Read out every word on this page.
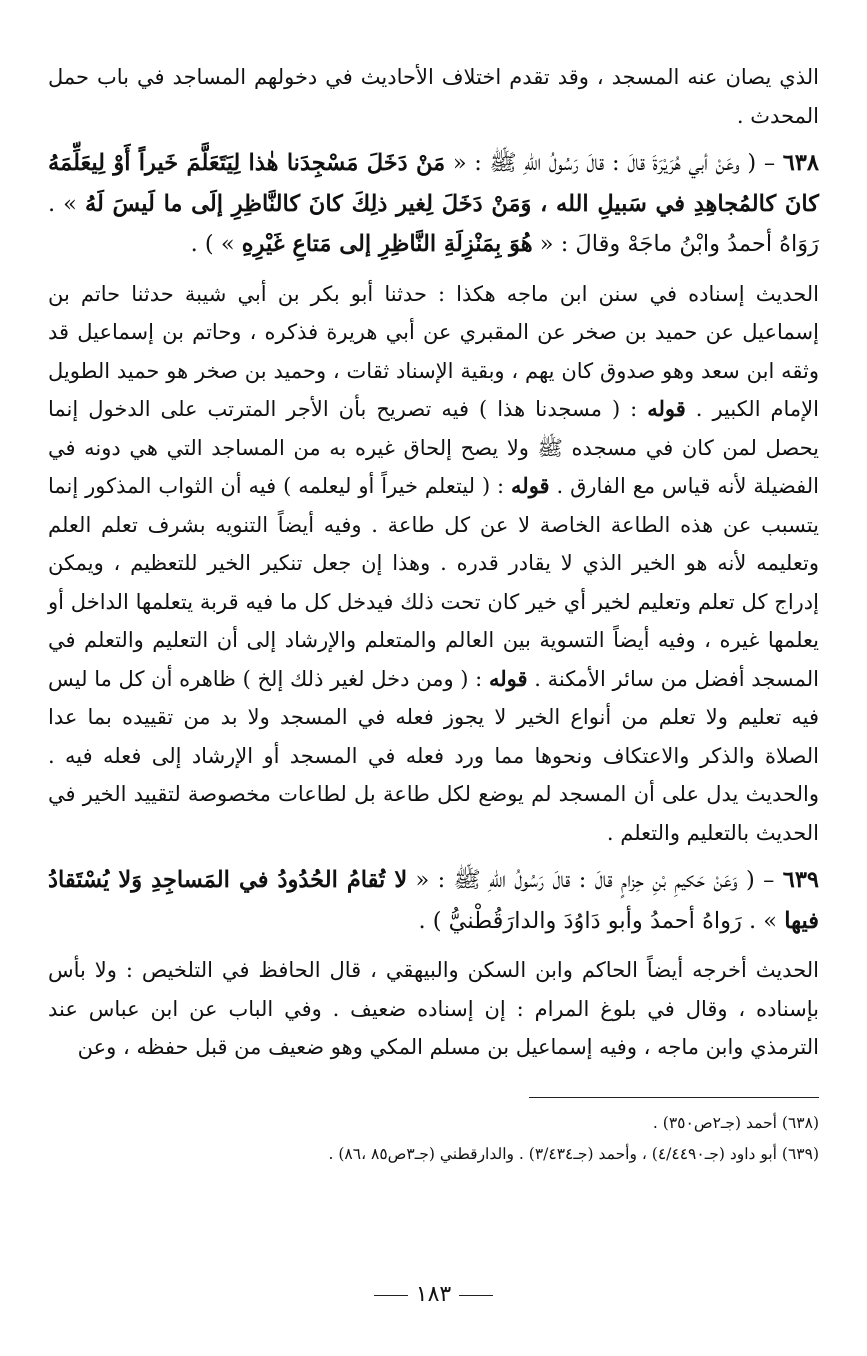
الذي يصان عنه المسجد ، وقد تقدم اختلاف الأحاديث في دخولهم المساجد في باب حمل المحدث .

٦٣٨ – ( وعَنْ أبي هُرَيْرَةَ قالَ : قالَ رَسُولُ اللهِ ﷺ : « مَنْ دَخَلَ مَسْجِدَنا هٰذا لِيَتَعَلَّمَ خَيراً أَوْ لِيعَلِّمَهُ كانَ كالمُجاهِدِ في سَبيلِ الله ، وَمَنْ دَخَلَ لِغير ذلِكَ كانَ كالنَّاظِرِ إلَى ما لَيسَ لَهُ » . رَوَاهُ أحمدُ وابْنُ ماجَهْ وقالَ : « هُوَ بِمَنْزِلَةِ النَّاظِرِ إلى مَتاعِ غَيْرِهِ » ) .

الحديث إسناده في سنن ابن ماجه هكذا : حدثنا أبو بكر بن أبي شيبة حدثنا حاتم بن إسماعيل عن حميد بن صخر عن المقبري عن أبي هريرة فذكره ، وحاتم بن إسماعيل قد وثقه ابن سعد وهو صدوق كان يهم ، وبقية الإسناد ثقات ، وحميد بن صخر هو حميد الطويل الإمام الكبير . قوله : ( مسجدنا هذا ) فيه تصريح بأن الأجر المترتب على الدخول إنما يحصل لمن كان في مسجده ﷺ ولا يصح إلحاق غيره به من المساجد التي هي دونه في الفضيلة لأنه قياس مع الفارق . قوله : ( ليتعلم خيراً أو ليعلمه ) فيه أن الثواب المذكور إنما يتسبب عن هذه الطاعة الخاصة لا عن كل طاعة . وفيه أيضاً التنويه بشرف تعلم العلم وتعليمه لأنه هو الخير الذي لا يقادر قدره . وهذا إن جعل تنكير الخير للتعظيم ، ويمكن إدراج كل تعلم وتعليم لخير أي خير كان تحت ذلك فيدخل كل ما فيه قربة يتعلمها الداخل أو يعلمها غيره ، وفيه أيضاً التسوية بين العالم والمتعلم والإرشاد إلى أن التعليم والتعلم في المسجد أفضل من سائر الأمكنة . قوله : ( ومن دخل لغير ذلك إلخ ) ظاهره أن كل ما ليس فيه تعليم ولا تعلم من أنواع الخير لا يجوز فعله في المسجد ولا بد من تقييده بما عدا الصلاة والذكر والاعتكاف ونحوها مما ورد فعله في المسجد أو الإرشاد إلى فعله فيه . والحديث يدل على أن المسجد لم يوضع لكل طاعة بل لطاعات مخصوصة لتقييد الخير في الحديث بالتعليم والتعلم .

٦٣٩ – ( وَعَنْ حَكيمِ بْنِ حِزامٍ قالَ : قالَ رَسُولُ اللهِ ﷺ : « لا تُقامُ الحُدُودُ في المَساجِدِ وَلا يُسْتَقادُ فيها » . رَواهُ أحمدُ وأبو دَاوُدَ والدارَقُطْنيُّ ) .

الحديث أخرجه أيضاً الحاكم وابن السكن والبيهقي ، قال الحافظ في التلخيص : ولا بأس بإسناده ، وقال في بلوغ المرام : إن إسناده ضعيف . وفي الباب عن ابن عباس عند الترمذي وابن ماجه ، وفيه إسماعيل بن مسلم المكي وهو ضعيف من قبل حفظه ، وعن

(٦٣٨) أحمد (جـ٢ص٣٥٠) .

(٦٣٩) أبو داود (جـ٤/٤٤٩٠) ، وأحمد (جـ٣/٤٣٤) . والدارقطني (جـ٣ص٨٥ ،٨٦) .

١٨٣
